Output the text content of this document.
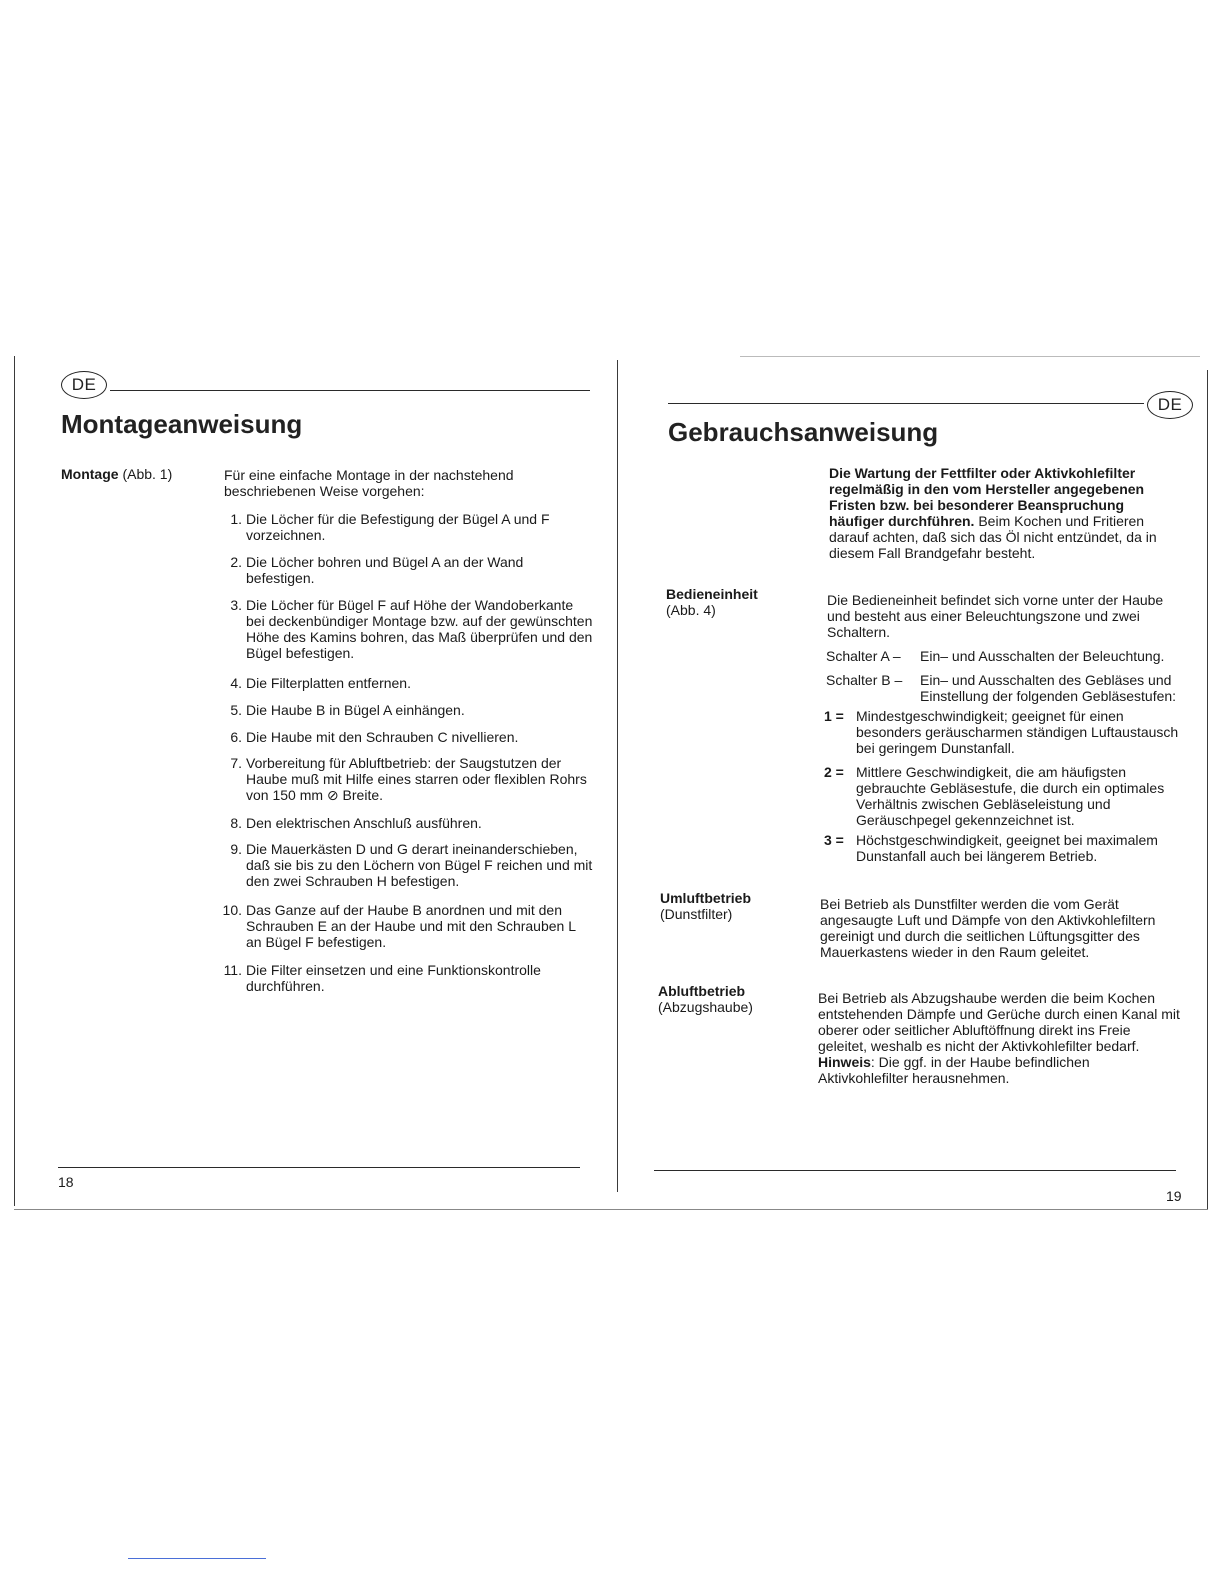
DE
Montageanweisung
Montage (Abb. 1)	Für eine einfache Montage in der nachstehend beschriebenen Weise vorgehen:
1. Die Löcher für die Befestigung der Bügel A und F vorzeichnen.
2. Die Löcher bohren und Bügel A an der Wand befestigen.
3. Die Löcher für Bügel F auf Höhe der Wandoberkante bei deckenbündiger Montage bzw. auf der gewünschten Höhe des Kamins bohren, das Maß überprüfen und den Bügel befestigen.
4. Die Filterplatten entfernen.
5. Die Haube B in Bügel A einhängen.
6. Die Haube mit den Schrauben C nivellieren.
7. Vorbereitung für Abluftbetrieb: der Saugstutzen der Haube muß mit Hilfe eines starren oder flexiblen Rohrs von 150 mm ⊘ Breite.
8. Den elektrischen Anschluß ausführen.
9. Die Mauerkästen D und G derart ineinanderschieben, daß sie bis zu den Löchern von Bügel F reichen und mit den zwei Schrauben H befestigen.
10. Das Ganze auf der Haube B anordnen und mit den Schrauben E an der Haube und mit den Schrauben L an Bügel F befestigen.
11. Die Filter einsetzen und eine Funktionskontrolle durchführen.
18
DE
Gebrauchsanweisung
Die Wartung der Fettfilter oder Aktivkohlefilter regelmäßig in den vom Hersteller angegebenen Fristen bzw. bei besonderer Beanspruchung häufiger durchführen. Beim Kochen und Fritieren darauf achten, daß sich das Öl nicht entzündet, da in diesem Fall Brandgefahr besteht.
Bedieneinheit
(Abb. 4)
Die Bedieneinheit befindet sich vorne unter der Haube und besteht aus einer Beleuchtungszone und zwei Schaltern.
Schalter A – Ein– und Ausschalten der Beleuchtung.
Schalter B – Ein– und Ausschalten des Gebläses und Einstellung der folgenden Gebläsestufen:
1 = Mindestgeschwindigkeit; geeignet für einen besonders geräuscharmen ständigen Luftaustausch bei geringem Dunstanfall.
2 = Mittlere Geschwindigkeit, die am häufigsten gebrauchte Gebläsestufe, die durch ein optimales Verhältnis zwischen Gebläseleistung und Geräuschpegel gekennzeichnet ist.
3 = Höchstgeschwindigkeit, geeignet bei maximalem Dunstanfall auch bei längerem Betrieb.
Umluftbetrieb
(Dunstfilter)
Bei Betrieb als Dunstfilter werden die vom Gerät angesaugte Luft und Dämpfe von den Aktivkohlefiltern gereinigt und durch die seitlichen Lüftungsgitter des Mauerkastens wieder in den Raum geleitet.
Abluftbetrieb
(Abzugshaube)
Bei Betrieb als Abzugshaube werden die beim Kochen entstehenden Dämpfe und Gerüche durch einen Kanal mit oberer oder seitlicher Abluftöffnung direkt ins Freie geleitet, weshalb es nicht der Aktivkohlefilter bedarf.
Hinweis: Die ggf. in der Haube befindlichen Aktivkohlefilter herausnehmen.
19
